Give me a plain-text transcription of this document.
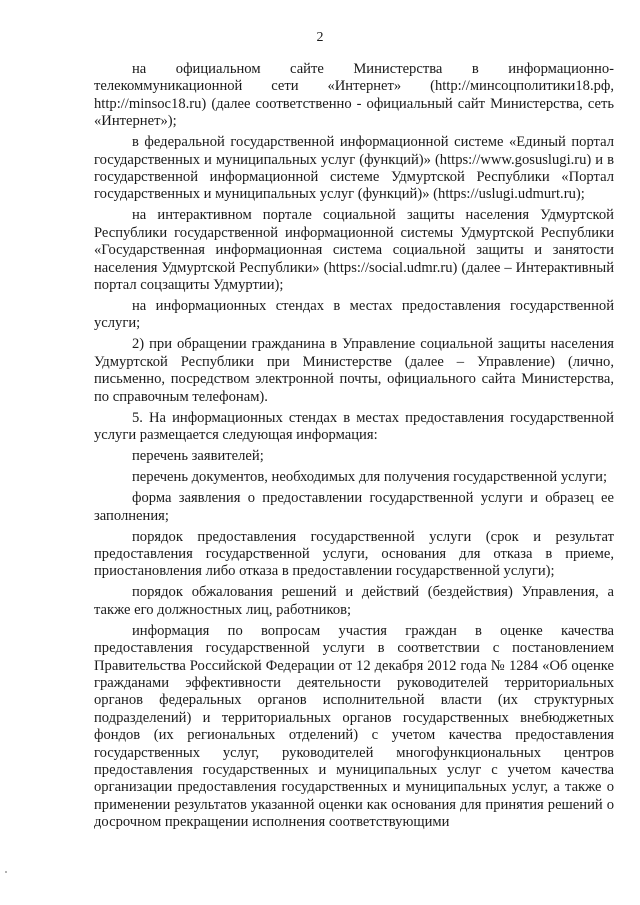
2

на официальном сайте Министерства в информационно-телекоммуникационной сети «Интернет» (http://минсоцполитики18.рф, http://minsoc18.ru) (далее соответственно - официальный сайт Министерства, сеть «Интернет»);

в федеральной государственной информационной системе «Единый портал государственных и муниципальных услуг (функций)» (https://www.gosuslugi.ru) и в государственной информационной системе Удмуртской Республики «Портал государственных и муниципальных услуг (функций)» (https://uslugi.udmurt.ru);

на интерактивном портале социальной защиты населения Удмуртской Республики государственной информационной системы Удмуртской Республики «Государственная информационная система социальной защиты и занятости населения Удмуртской Республики» (https://social.udmr.ru) (далее – Интерактивный портал соцзащиты Удмуртии);

на информационных стендах в местах предоставления государственной услуги;

2) при обращении гражданина в Управление социальной защиты населения Удмуртской Республики при Министерстве (далее – Управление) (лично, письменно, посредством электронной почты, официального сайта Министерства, по справочным телефонам).

5. На информационных стендах в местах предоставления государственной услуги размещается следующая информация:

перечень заявителей;

перечень документов, необходимых для получения государственной услуги;

форма заявления о предоставлении государственной услуги и образец ее заполнения;

порядок предоставления государственной услуги (срок и результат предоставления государственной услуги, основания для отказа в приеме, приостановления либо отказа в предоставлении государственной услуги);

порядок обжалования решений и действий (бездействия) Управления, а также его должностных лиц, работников;

информация по вопросам участия граждан в оценке качества предоставления государственной услуги в соответствии с постановлением Правительства Российской Федерации от 12 декабря 2012 года № 1284 «Об оценке гражданами эффективности деятельности руководителей территориальных органов федеральных органов исполнительной власти (их структурных подразделений) и территориальных органов государственных внебюджетных фондов (их региональных отделений) с учетом качества предоставления государственных услуг, руководителей многофункциональных центров предоставления государственных и муниципальных услуг с учетом качества организации предоставления государственных и муниципальных услуг, а также о применении результатов указанной оценки как основания для принятия решений о досрочном прекращении исполнения соответствующими
